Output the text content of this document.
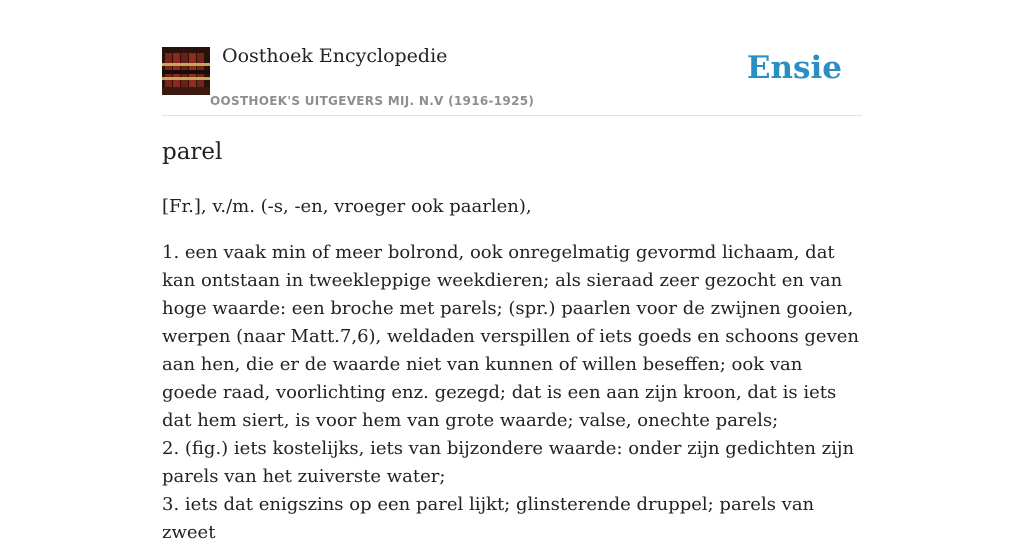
Oosthoek Encyclopedie
OOSTHOEK'S UITGEVERS MIJ. N.V (1916-1925)
Ensie
parel

[Fr.], v./m. (-s, -en, vroeger ook paarlen),

1. een vaak min of meer bolrond, ook onregelmatig gevormd lichaam, dat kan ontstaan in tweekleppige weekdieren; als sieraad zeer gezocht en van hoge waarde: een broche met parels; (spr.) paarlen voor de zwijnen gooien, werpen (naar Matt.7,6), weldaden verspillen of iets goeds en schoons geven aan hen, die er de waarde niet van kunnen of willen beseffen; ook van goede raad, voorlichting enz. gezegd; dat is een aan zijn kroon, dat is iets dat hem siert, is voor hem van grote waarde; valse, onechte parels;

2. (fig.) iets kostelijks, iets van bijzondere waarde: onder zijn gedichten zijn parels van het zuiverste water;

3. iets dat enigszins op een parel lijkt; glinsterende druppel; parels van zweet
